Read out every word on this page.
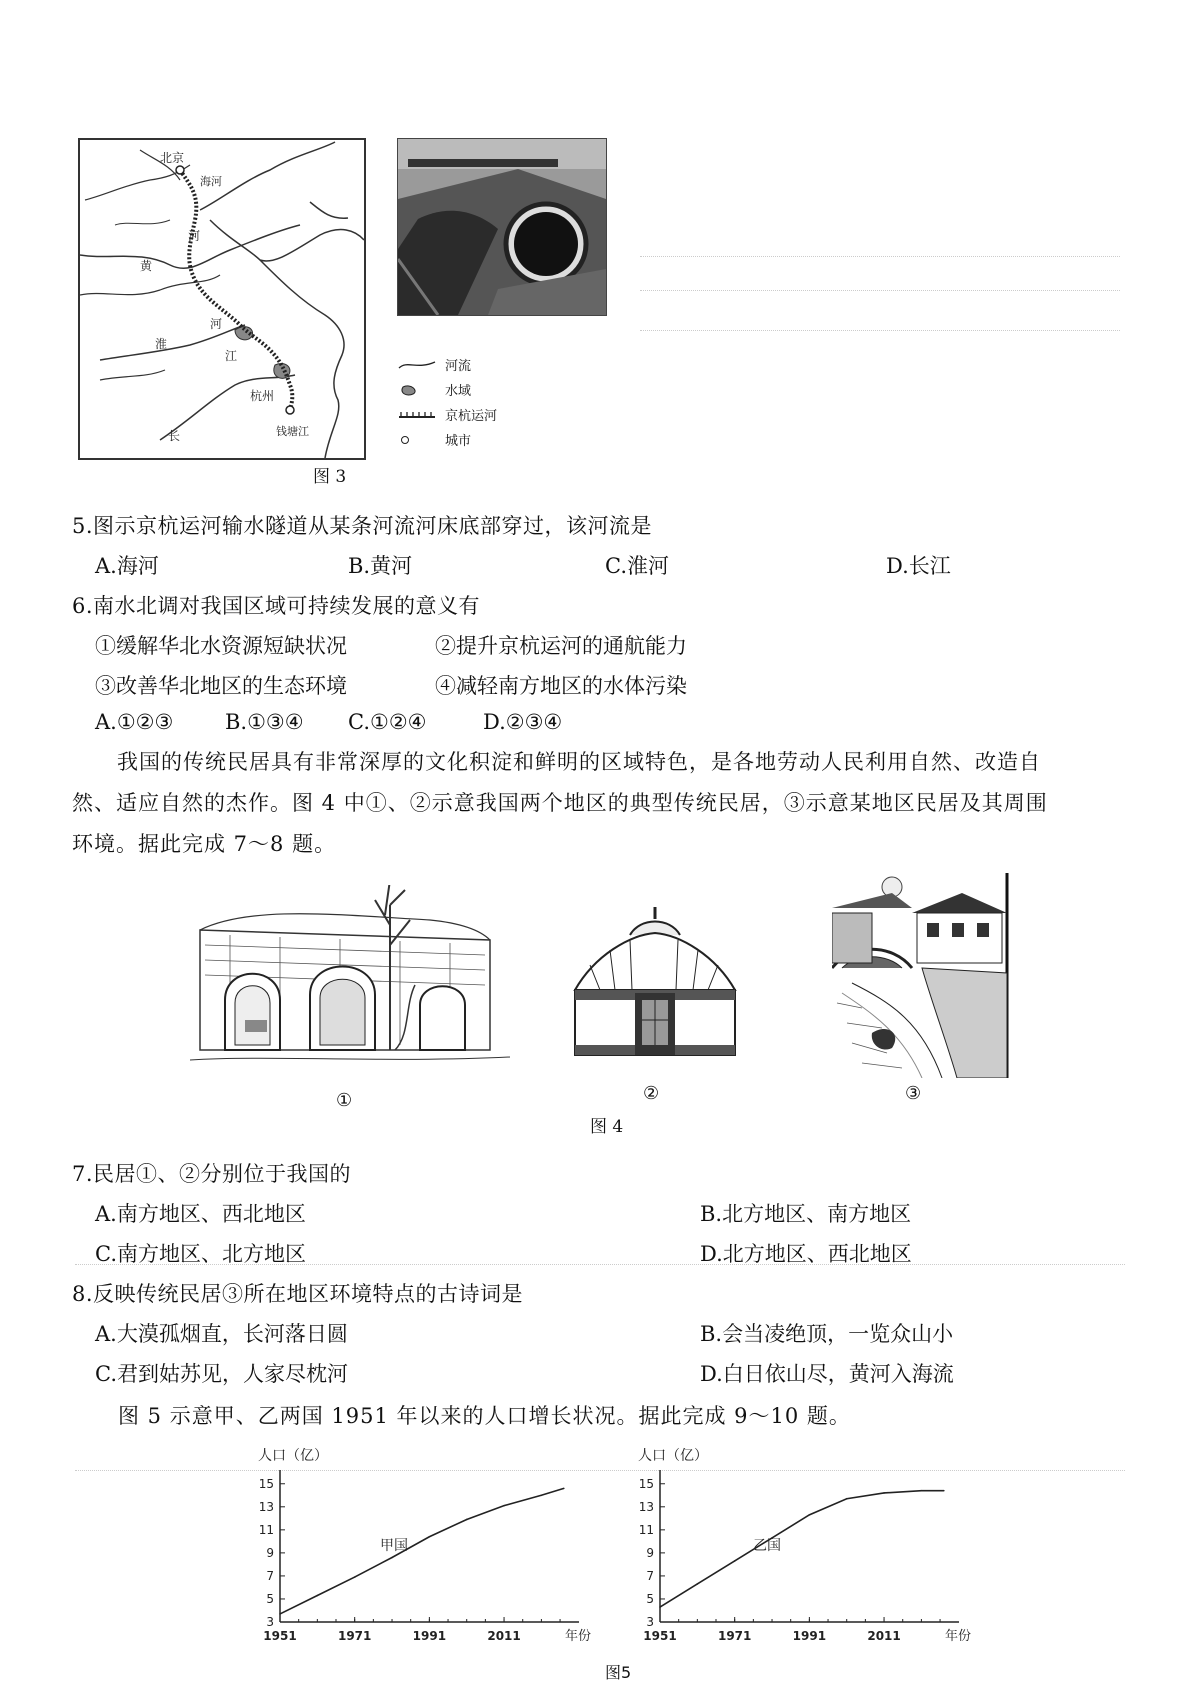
北京
海河
河
黄
淮
河
江
长
杭州
钱塘江
河流
水域
京杭运河
城市
图 3
5.图示京杭运河输水隧道从某条河流河床底部穿过，该河流是
A.海河	B.黄河	C.淮河	D.长江
6.南水北调对我国区域可持续发展的意义有
①缓解华北水资源短缺状况	②提升京杭运河的通航能力
③改善华北地区的生态环境	④减轻南方地区的水体污染
A.①②③ B.①③④ C.①②④	D.②③④
我国的传统民居具有非常深厚的文化积淀和鲜明的区域特色，是各地劳动人民利用自然、改造自
然、适应自然的杰作。图 4 中①、②示意我国两个地区的典型传统民居，③示意某地区民居及其周围
环境。据此完成 7～8 题。
①	②	③
图 4
7.民居①、②分别位于我国的
A.南方地区、西北地区	B.北方地区、南方地区
C.南方地区、北方地区	D.北方地区、西北地区
8.反映传统民居③所在地区环境特点的古诗词是
A.大漠孤烟直，长河落日圆	B.会当凌绝顶，一览众山小
C.君到姑苏见，人家尽枕河	D.白日依山尽，黄河入海流
图 5 示意甲、乙两国 1951 年以来的人口增长状况。据此完成 9～10 题。
3
5
7
9
11
13
15
1951	1971	1991	2011
人口（亿）
年份
甲国
3
5
7
9
11
13
15
1951	1971	1991	2011
人口（亿）
年份
乙国
图5
